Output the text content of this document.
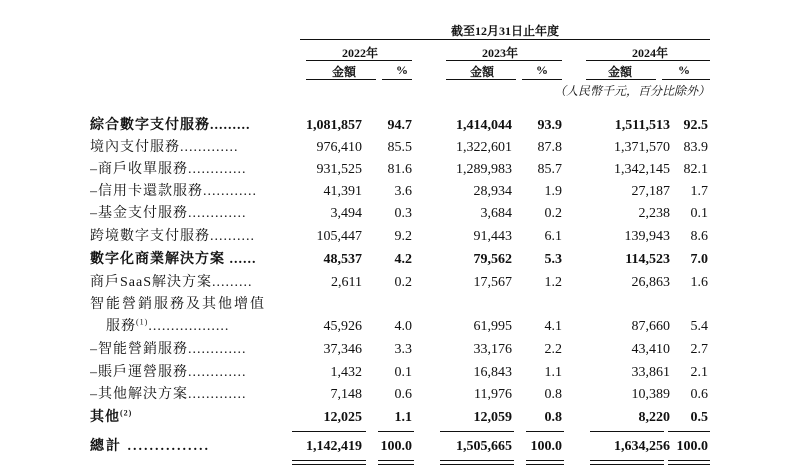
截至12月31日止年度
2022年	2023年	2024年
金額	%	金額	%	金額	%
（人民幣千元，百分比除外）
綜合數字支付服務.........	1,081,857	94.7	1,414,044	93.9	1,511,513 92.5
境內支付服務.............	976,410	85.5	1,322,601	87.8	1,371,570 83.9
–商戶收單服務.............	931,525	81.6	1,289,983	85.7	1,342,145 82.1
–信用卡還款服務............	41,391	3.6	28,934	1.9	27,187	1.7
–基金支付服務.............	3,494	0.3	3,684	0.2	2,238	0.1
跨境數字支付服務..........	105,447	9.2	91,443	6.1	139,943	8.6
數字化商業解決方案 ......	48,537	4.2	79,562	5.3	114,523	7.0
商戶SaaS解決方案.........	2,611	0.2	17,567	1.2	26,863	1.6
智能營銷服務及其他增值
服務$^{(1)}$..................	45,926	4.0	61,995	4.1	87,660	5.4
–智能營銷服務.............	37,346	3.3	33,176	2.2	43,410	2.7
–賬戶運營服務.............	1,432	0.1	16,843	1.1	33,861	2.1
–其他解決方案.............	7,148	0.6	11,976	0.8	10,389	0.6
其他$^{(2)}$	12,025	1.1	12,059	0.8	8,220	0.5
總計 ...............	1,142,419	100.0	1,505,665	100.0	1,634,256 100.0
